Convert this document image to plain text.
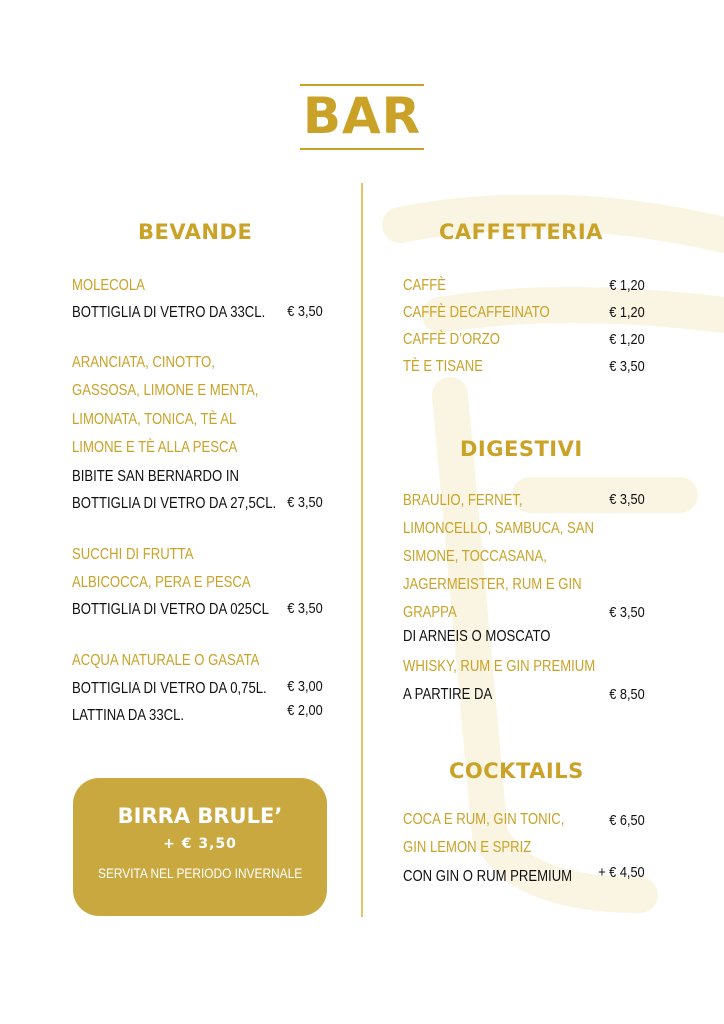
BAR
BEVANDE
MOLECOLA
BOTTIGLIA DI VETRO DA 33CL. € 3,50
ARANCIATA, CINOTTO,
GASSOSA, LIMONE E MENTA,
LIMONATA, TONICA, TÈ AL
LIMONE E TÈ ALLA PESCA
BIBITE SAN BERNARDO IN
BOTTIGLIA DI VETRO DA 27,5CL. € 3,50
SUCCHI DI FRUTTA
ALBICOCCA, PERA E PESCA
BOTTIGLIA DI VETRO DA 025CL € 3,50
ACQUA NATURALE O GASATA
BOTTIGLIA DI VETRO DA 0,75L. € 3,00
LATTINA DA 33CL.	€ 2,00
BIRRA BRULE’
+ € 3,50
SERVITA NEL PERIODO INVERNALE
CAFFETTERIA
CAFFÈ	€ 1,20
CAFFÈ DECAFFEINATO	€ 1,20
CAFFÈ D’ORZO	€ 1,20
TÈ E TISANE	€ 3,50
DIGESTIVI
BRAULIO, FERNET,	€ 3,50
LIMONCELLO, SAMBUCA, SAN
SIMONE, TOCCASANA,
JAGERMEISTER, RUM E GIN
GRAPPA	€ 3,50
DI ARNEIS O MOSCATO
WHISKY, RUM E GIN PREMIUM
A PARTIRE DA	€ 8,50
COCKTAILS
COCA E RUM, GIN TONIC,	€ 6,50
GIN LEMON E SPRIZ
CON GIN O RUM PREMIUM + € 4,50
